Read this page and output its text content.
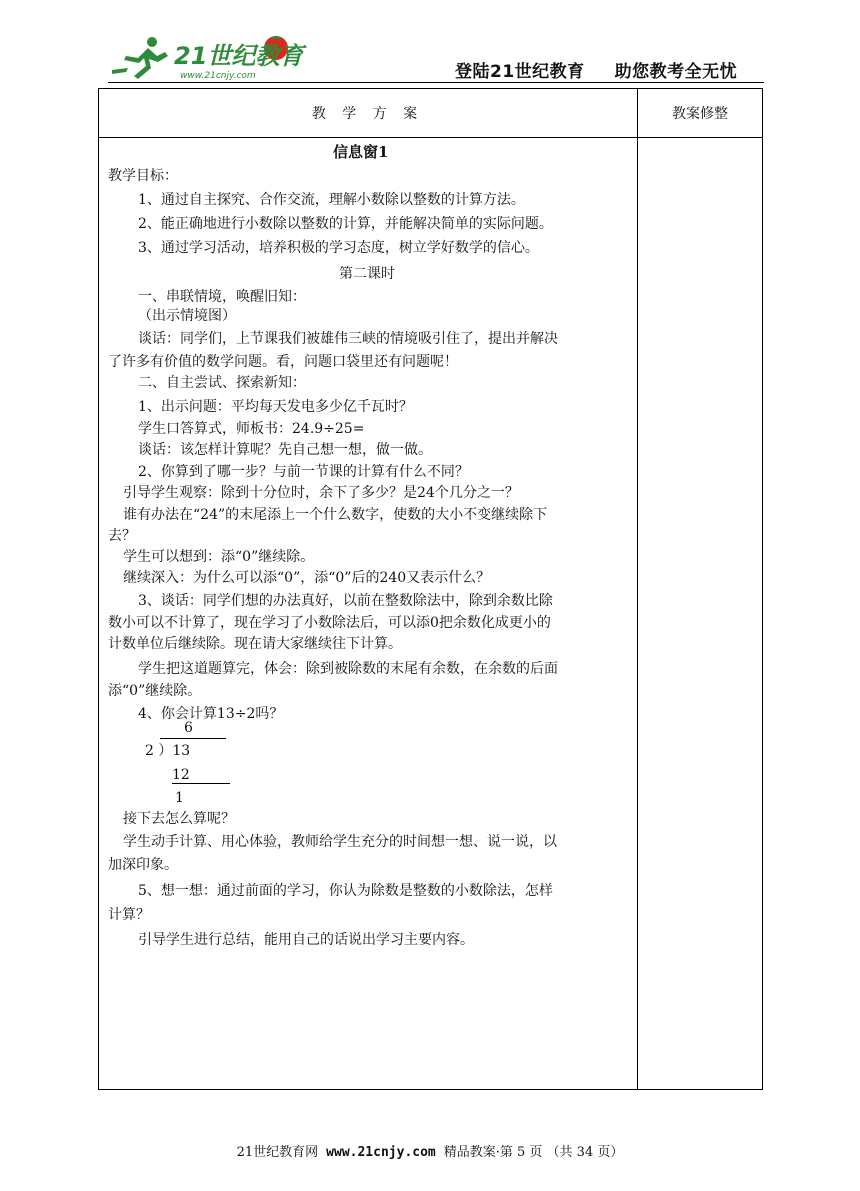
21世纪教育
www.21cnjy.com	登陆21世纪教育 助您教考全无忧
教 学 方 案	教案修整
信息窗1
教学目标：
1、通过自主探究、合作交流，理解小数除以整数的计算方法。
2、能正确地进行小数除以整数的计算，并能解决简单的实际问题。
3、通过学习活动，培养积极的学习态度，树立学好数学的信心。
第二课时
一、串联情境，唤醒旧知：
（出示情境图）
谈话：同学们，上节课我们被雄伟三峡的情境吸引住了，提出并解决
了许多有价值的数学问题。看，问题口袋里还有问题呢！
二、自主尝试、探索新知：
1、出示问题：平均每天发电多少亿千瓦时？
学生口答算式，师板书：24.9÷25=
谈话：该怎样计算呢？先自己想一想，做一做。
2、你算到了哪一步？与前一节课的计算有什么不同？
引导学生观察：除到十分位时，余下了多少？是24个几分之一？
谁有办法在“24”的末尾添上一个什么数字，使数的大小不变继续除下
去？
学生可以想到：添“0”继续除。
继续深入：为什么可以添“0”，添“0”后的240又表示什么？
3、谈话：同学们想的办法真好，以前在整数除法中，除到余数比除
数小可以不计算了，现在学习了小数除法后，可以添0把余数化成更小的
计数单位后继续除。现在请大家继续往下计算。
学生把这道题算完，体会：除到被除数的末尾有余数，在余数的后面
添“0”继续除。
4、你会计算13÷2吗？
6
2 ）13
12
1
接下去怎么算呢？
学生动手计算、用心体验，教师给学生充分的时间想一想、说一说，以
加深印象。
5、想一想：通过前面的学习，你认为除数是整数的小数除法，怎样
计算？
引导学生进行总结，能用自己的话说出学习主要内容。
21世纪教育网 www.21cnjy.com 精品教案·第 5 页 （共 34 页）
